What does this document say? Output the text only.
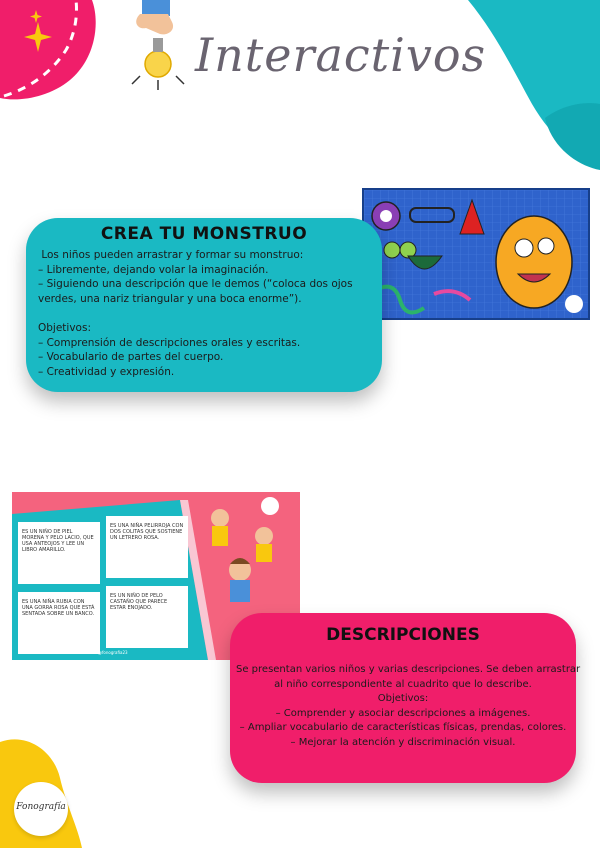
Interactivos
CREA TU MONSTRUO
Los niños pueden arrastrar y formar su monstruo:
– Libremente, dejando volar la imaginación.
– Siguiendo una descripción que le demos (“coloca dos ojos
verdes, una nariz triangular y una boca enorme”).

Objetivos:
– Comprensión de descripciones orales y escritas.
– Vocabulario de partes del cuerpo.
– Creatividad y expresión.
ES UN NIÑO DE PIEL MORENA Y PELO LACIO, QUE USA ANTEOJOS Y LEE UN LIBRO AMARILLO.
ES UNA NIÑA PELIRROJA CON DOS COLITAS QUE SOSTIENE UN LETRERO ROSA.
ES UNA NIÑA RUBIA CON UNA GORRA ROSA QUE ESTÁ SENTADA SOBRE UN BANCO.
ES UN NIÑO DE PELO CASTAÑO QUE PARECE ESTAR ENOJADO.
@fonografia23
DESCRIPCIONES
Se presentan varios niños y varias descripciones. Se deben arrastrar
al niño correspondiente al cuadrito que lo describe.
Objetivos:
– Comprender y asociar descripciones a imágenes.
– Ampliar vocabulario de características físicas, prendas, colores.
– Mejorar la atención y discriminación visual.
Fonografía
